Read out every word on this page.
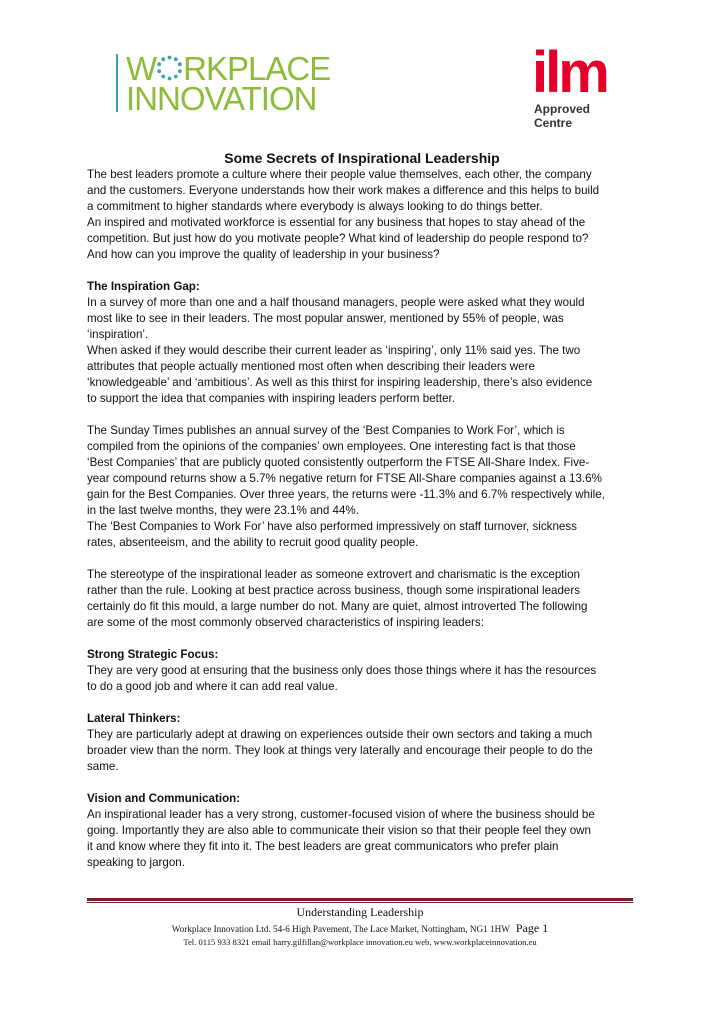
W RKPLACE
INNOVATION	ilm
Approved
Centre
Some Secrets of Inspirational Leadership

The best leaders promote a culture where their people value themselves, each other, the company
and the customers. Everyone understands how their work makes a difference and this helps to build
a commitment to higher standards where everybody is always looking to do things better.

An inspired and motivated workforce is essential for any business that hopes to stay ahead of the
competition. But just how do you motivate people? What kind of leadership do people respond to?
And how can you improve the quality of leadership in your business?

The Inspiration Gap:

In a survey of more than one and a half thousand managers, people were asked what they would
most like to see in their leaders. The most popular answer, mentioned by 55% of people, was
‘inspiration’.

When asked if they would describe their current leader as ‘inspiring’, only 11% said yes. The two
attributes that people actually mentioned most often when describing their leaders were
‘knowledgeable’ and ‘ambitious’. As well as this thirst for inspiring leadership, there’s also evidence
to support the idea that companies with inspiring leaders perform better.

The Sunday Times publishes an annual survey of the ‘Best Companies to Work For’, which is
compiled from the opinions of the companies’ own employees. One interesting fact is that those
‘Best Companies’ that are publicly quoted consistently outperform the FTSE All-Share Index. Five-
year compound returns show a 5.7% negative return for FTSE All-Share companies against a 13.6%
gain for the Best Companies. Over three years, the returns were -11.3% and 6.7% respectively while,
in the last twelve months, they were 23.1% and 44%.

The ‘Best Companies to Work For’ have also performed impressively on staff turnover, sickness
rates, absenteeism, and the ability to recruit good quality people.

The stereotype of the inspirational leader as someone extrovert and charismatic is the exception
rather than the rule. Looking at best practice across business, though some inspirational leaders
certainly do fit this mould, a large number do not. Many are quiet, almost introverted The following
are some of the most commonly observed characteristics of inspiring leaders:

Strong Strategic Focus:

They are very good at ensuring that the business only does those things where it has the resources
to do a good job and where it can add real value.

Lateral Thinkers:

They are particularly adept at drawing on experiences outside their own sectors and taking a much
broader view than the norm. They look at things very laterally and encourage their people to do the
same.

Vision and Communication:

An inspirational leader has a very strong, customer-focused vision of where the business should be
going. Importantly they are also able to communicate their vision so that their people feel they own
it and know where they fit into it. The best leaders are great communicators who prefer plain
speaking to jargon.

Understanding Leadership
Workplace Innovation Ltd. 54-6 High Pavement, The Lace Market, Nottingham, NG1 1HW Page 1
Tel. 0115 933 8321 email harry.gilfillan@workplace innovation.eu web. www.workplaceinnovation.eu
